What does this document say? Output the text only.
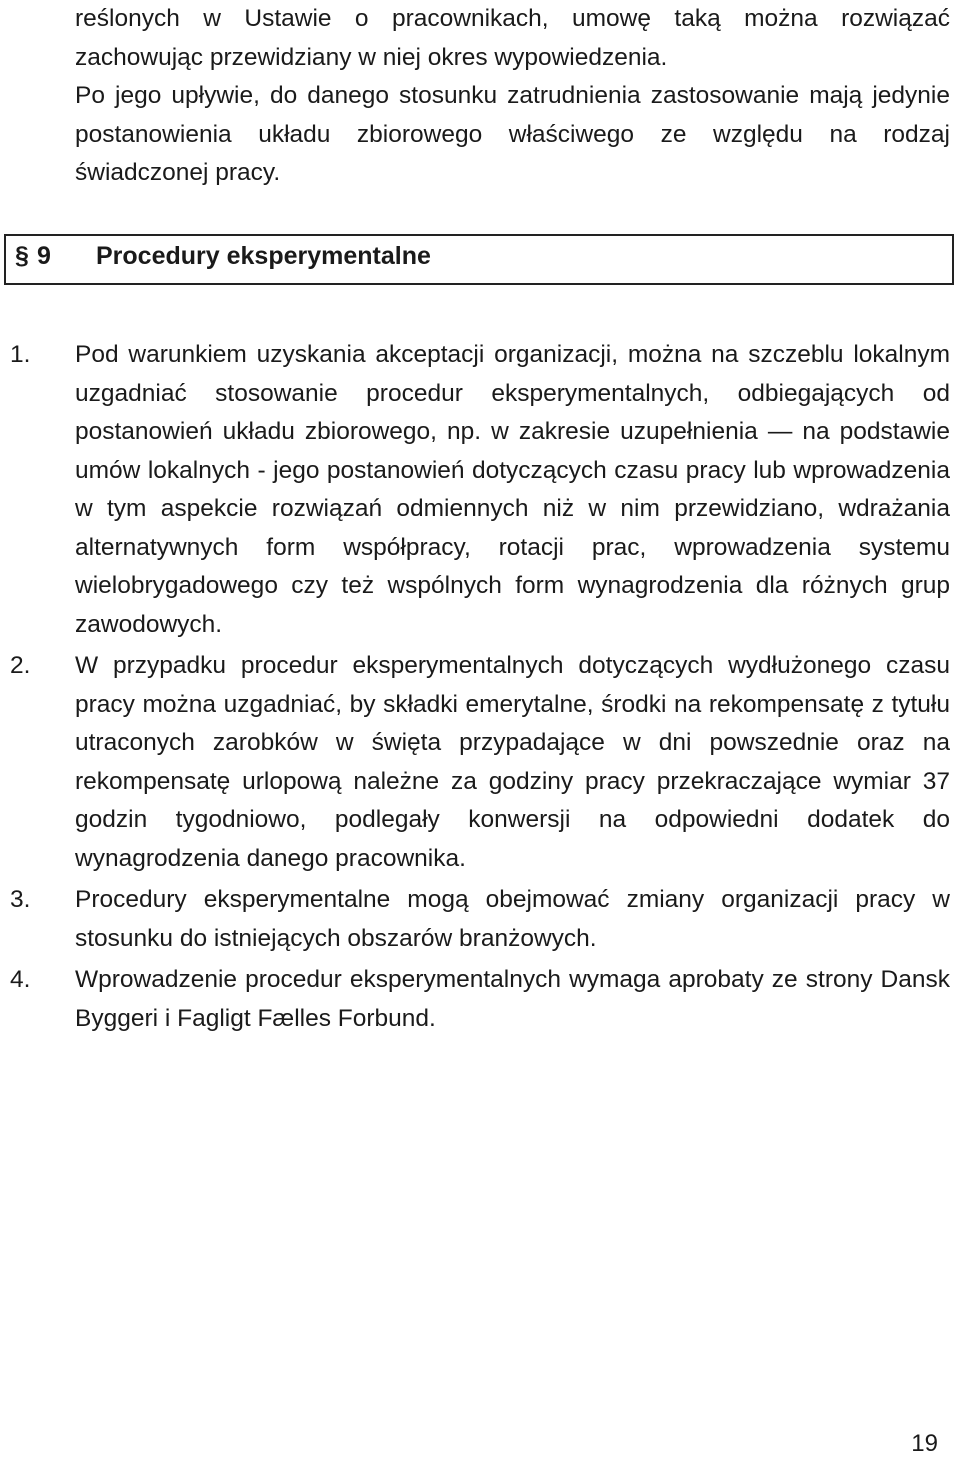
reślonych w Ustawie o pracownikach, umowę taką można rozwiązać zachowując przewidziany w niej okres wypowiedzenia.

Po jego upływie, do danego stosunku zatrudnienia zastosowanie mają jedynie postanowienia układu zbiorowego właściwego ze względu na rodzaj świadczonej pracy.

§ 9 Procedury eksperymentalne
1. Pod warunkiem uzyskania akceptacji organizacji, można na szczeblu lokalnym uzgadniać stosowanie procedur eksperymentalnych, odbiegających od postanowień układu zbiorowego, np. w zakresie uzupełnienia — na podstawie umów lokalnych - jego postanowień dotyczących czasu pracy lub wprowadzenia w tym aspekcie rozwiązań odmiennych niż w nim przewidziano, wdrażania alternatywnych form współpracy, rotacji prac, wprowadzenia systemu wielobrygadowego czy też wspólnych form wynagrodzenia dla różnych grup zawodowych.
2. W przypadku procedur eksperymentalnych dotyczących wydłużonego czasu pracy można uzgadniać, by składki emerytalne, środki na rekompensatę z tytułu utraconych zarobków w święta przypadające w dni powszednie oraz na rekompensatę urlopową należne za godziny pracy przekraczające wymiar 37 godzin tygodniowo, podlegały konwersji na odpowiedni dodatek do wynagrodzenia danego pracownika.
3. Procedury eksperymentalne mogą obejmować zmiany organizacji pracy w stosunku do istniejących obszarów branżowych.
4. Wprowadzenie procedur eksperymentalnych wymaga aprobaty ze strony Dansk Byggeri i Fagligt Fælles Forbund.
19
